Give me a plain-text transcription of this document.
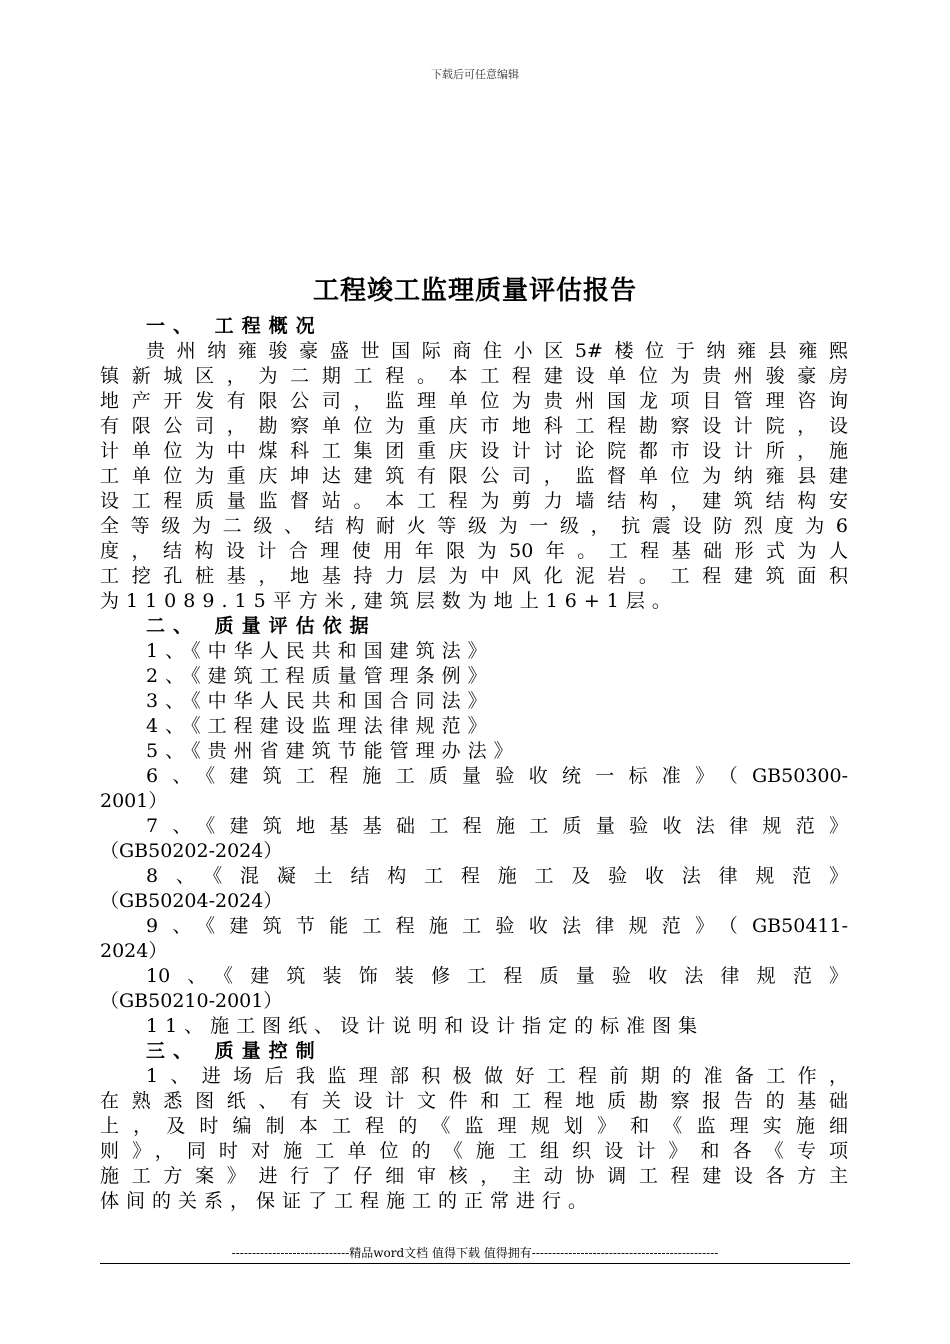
下载后可任意编辑
工程竣工监理质量评估报告
一、 工程概况
贵州纳雍骏豪盛世国际商住小区5#楼位于纳雍县雍熙
镇新城区，为二期工程。本工程建设单位为贵州骏豪房
地产开发有限公司，监理单位为贵州国龙项目管理咨询
有限公司，勘察单位为重庆市地科工程勘察设计院，设
计单位为中煤科工集团重庆设计讨论院都市设计所，施
工单位为重庆坤达建筑有限公司，监督单位为纳雍县建
设工程质量监督站。本工程为剪力墙结构，建筑结构安
全等级为二级、结构耐火等级为一级，抗震设防烈度为6
度，结构设计合理使用年限为50年。工程基础形式为人
工挖孔桩基，地基持力层为中风化泥岩。工程建筑面积
为11089.15平方米,建筑层数为地上16+1层。
二、 质量评估依据
1、《中华人民共和国建筑法》
2、《建筑工程质量管理条例》
3、《中华人民共和国合同法》
4、《工程建设监理法律规范》
5、《贵州省建筑节能管理办法》
6、《建筑工程施工质量验收统一标准》（GB50300-
2001）
7、《建筑地基基础工程施工质量验收法律规范》
（GB50202-2024）
8、《混凝土结构工程施工及验收法律规范》
（GB50204-2024）
9、《建筑节能工程施工验收法律规范》（GB50411-
2024）
10、《建筑装饰装修工程质量验收法律规范》
（GB50210-2001）
11、施工图纸、设计说明和设计指定的标准图集
三、 质量控制
1、进场后我监理部积极做好工程前期的准备工作，
在熟悉图纸、有关设计文件和工程地质勘察报告的基础
上，及时编制本工程的《监理规划》和《监理实施细
则》，同时对施工单位的《施工组织设计》和各《专项
施工方案》进行了仔细审核，主动协调工程建设各方主
体间的关系，保证了工程施工的正常进行。
-----------------------------精品word文档 值得下载 值得拥有----------------------------------------------
